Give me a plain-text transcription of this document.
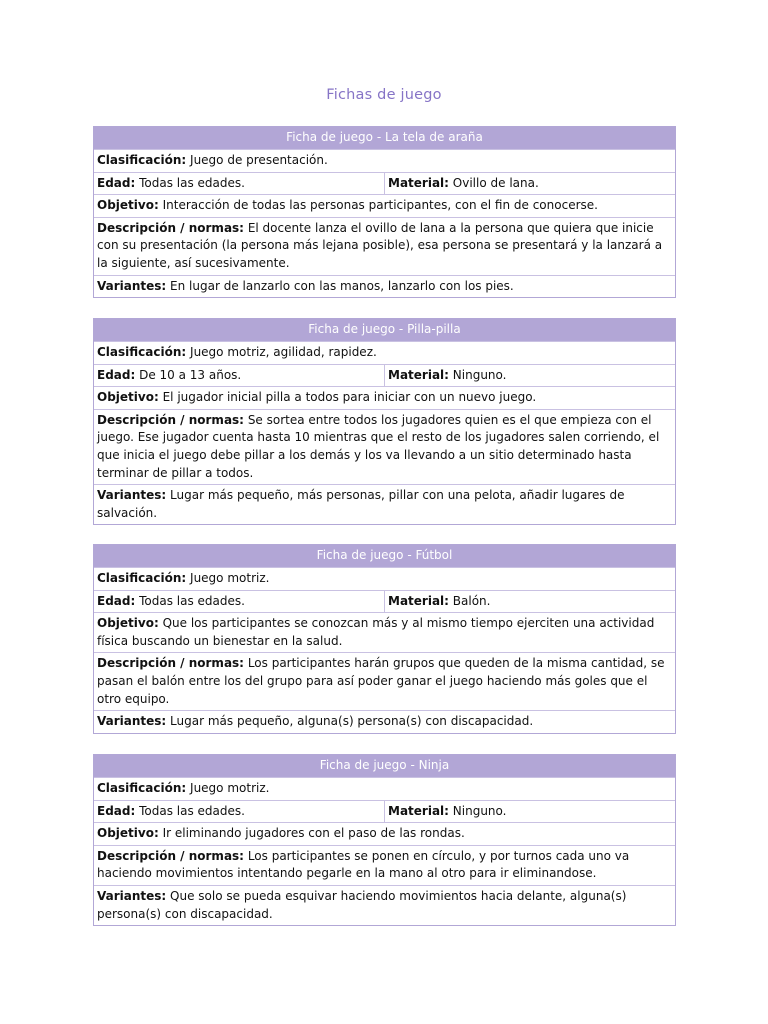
Fichas de juego
Ficha de juego - La tela de araña
Clasificación: Juego de presentación.
Edad: Todas las edades.	Material: Ovillo de lana.
Objetivo: Interacción de todas las personas participantes, con el fin de conocerse.
Descripción / normas: El docente lanza el ovillo de lana a la persona que quiera que inicie con su presentación (la persona más lejana posible), esa persona se presentará y la lanzará a la siguiente, así sucesivamente.
Variantes: En lugar de lanzarlo con las manos, lanzarlo con los pies.
Ficha de juego - Pilla-pilla
Clasificación: Juego motriz, agilidad, rapidez.
Edad: De 10 a 13 años.	Material: Ninguno.
Objetivo: El jugador inicial pilla a todos para iniciar con un nuevo juego.
Descripción / normas: Se sortea entre todos los jugadores quien es el que empieza con el juego. Ese jugador cuenta hasta 10 mientras que el resto de los jugadores salen corriendo, el que inicia el juego debe pillar a los demás y los va llevando a un sitio determinado hasta terminar de pillar a todos.
Variantes: Lugar más pequeño, más personas, pillar con una pelota, añadir lugares de salvación.
Ficha de juego - Fútbol
Clasificación: Juego motriz.
Edad: Todas las edades.	Material: Balón.
Objetivo: Que los participantes se conozcan más y al mismo tiempo ejerciten una actividad física buscando un bienestar en la salud.
Descripción / normas: Los participantes harán grupos que queden de la misma cantidad, se pasan el balón entre los del grupo para así poder ganar el juego haciendo más goles que el otro equipo.
Variantes: Lugar más pequeño, alguna(s) persona(s) con discapacidad.
Ficha de juego - Ninja
Clasificación: Juego motriz.
Edad: Todas las edades.	Material: Ninguno.
Objetivo: Ir eliminando jugadores con el paso de las rondas.
Descripción / normas: Los participantes se ponen en círculo, y por turnos cada uno va haciendo movimientos intentando pegarle en la mano al otro para ir eliminandose.
Variantes: Que solo se pueda esquivar haciendo movimientos hacia delante, alguna(s) persona(s) con discapacidad.
